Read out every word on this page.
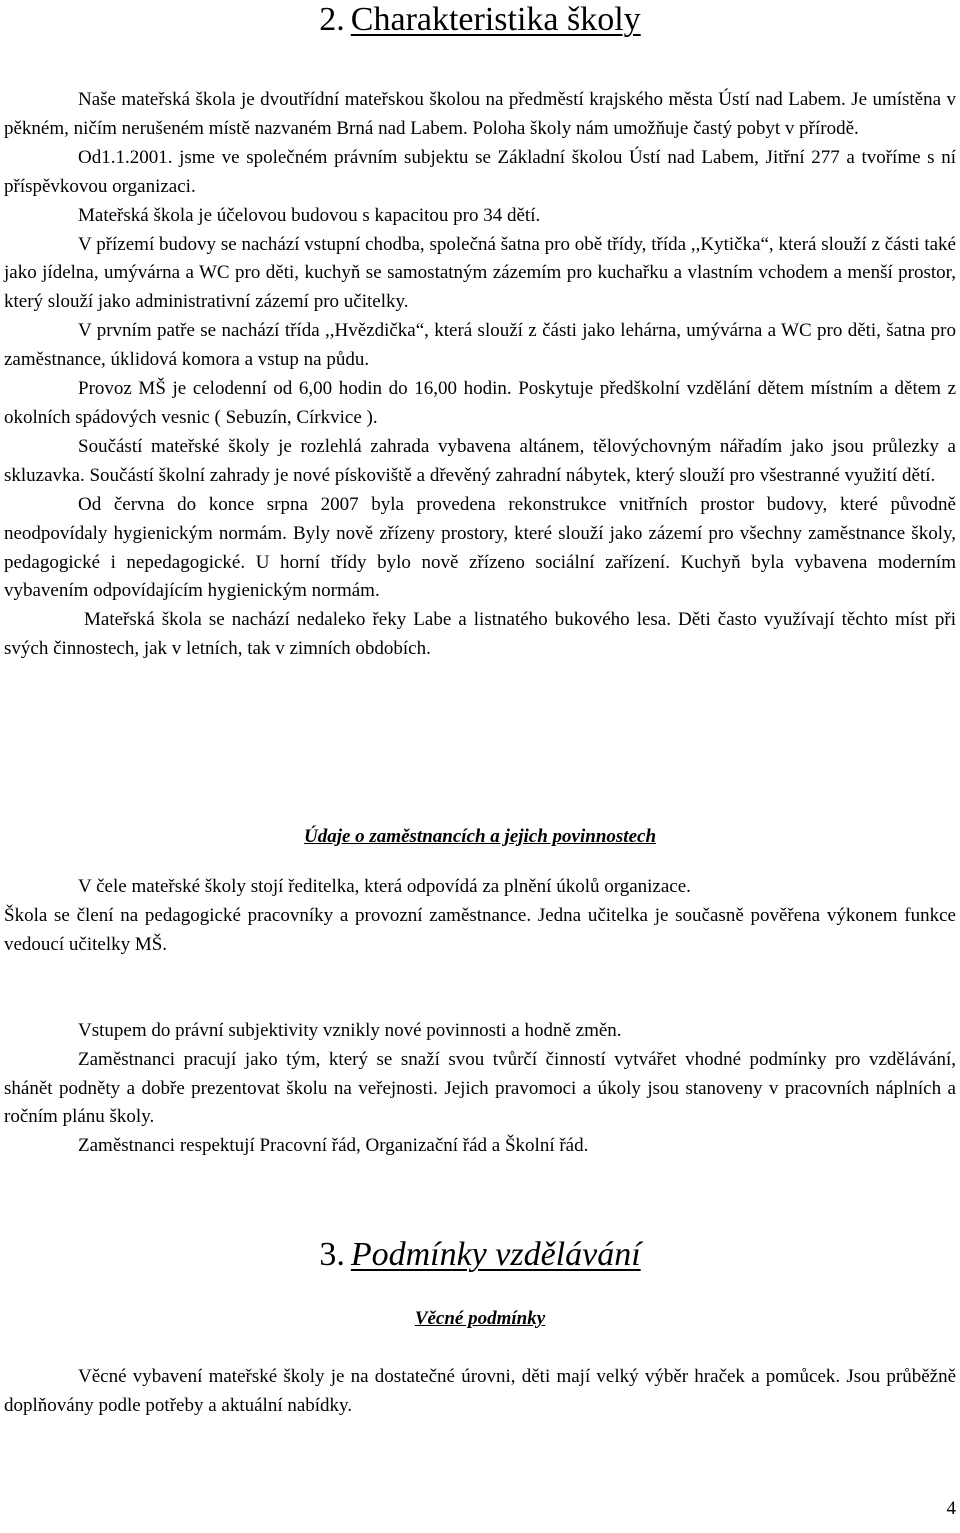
2. Charakteristika školy

Naše mateřská škola je dvoutřídní mateřskou školou na předměstí krajského města Ústí nad Labem. Je umístěna v pěkném, ničím nerušeném místě nazvaném Brná nad Labem. Poloha školy nám umožňuje častý pobyt v přírodě.

Od1.1.2001. jsme ve společném právním subjektu se Základní školou Ústí nad Labem, Jitřní 277 a tvoříme s ní příspěvkovou organizaci.

Mateřská škola je účelovou budovou s kapacitou pro 34 dětí.

V přízemí budovy se nachází vstupní chodba, společná šatna pro obě třídy, třída ,,Kytička“, která slouží z části také jako jídelna, umývárna a WC pro děti, kuchyň se samostatným zázemím pro kuchařku a vlastním vchodem a menší prostor, který slouží jako administrativní zázemí pro učitelky.

V prvním patře se nachází třída ,,Hvězdička“, která slouží z části jako lehárna, umývárna a WC pro děti, šatna pro zaměstnance, úklidová komora a vstup na půdu.

Provoz MŠ je celodenní od 6,00 hodin do 16,00 hodin. Poskytuje předškolní vzdělání dětem místním a dětem z okolních spádových vesnic ( Sebuzín, Církvice ).

Součástí mateřské školy je rozlehlá zahrada vybavena altánem, tělovýchovným nářadím jako jsou průlezky a skluzavka. Součástí školní zahrady je nové pískoviště a dřevěný zahradní nábytek, který slouží pro všestranné využití dětí.

Od června do konce srpna 2007 byla provedena rekonstrukce vnitřních prostor budovy, které původně neodpovídaly hygienickým normám. Byly nově zřízeny prostory, které slouží jako zázemí pro všechny zaměstnance školy, pedagogické i nepedagogické. U horní třídy bylo nově zřízeno sociální zařízení. Kuchyň byla vybavena moderním vybavením odpovídajícím hygienickým normám.

Mateřská škola se nachází nedaleko řeky Labe a listnatého bukového lesa. Děti často využívají těchto míst při svých činnostech, jak v letních, tak v zimních obdobích.

Údaje o zaměstnancích a jejich povinnostech

V čele mateřské školy stojí ředitelka, která odpovídá za plnění úkolů organizace.

Škola se člení na pedagogické pracovníky a provozní zaměstnance. Jedna učitelka je současně pověřena výkonem funkce vedoucí učitelky MŠ.

Vstupem do právní subjektivity vznikly nové povinnosti a hodně změn.

Zaměstnanci pracují jako tým, který se snaží svou tvůrčí činností vytvářet vhodné podmínky pro vzdělávání, shánět podněty a dobře prezentovat školu na veřejnosti. Jejich pravomoci a úkoly jsou stanoveny v pracovních náplních a ročním plánu školy.

Zaměstnanci respektují Pracovní řád, Organizační řád a Školní řád.

3. Podmínky vzdělávání
Věcné podmínky

Věcné vybavení mateřské školy je na dostatečné úrovni, děti mají velký výběr hraček a pomůcek. Jsou průběžně doplňovány podle potřeby a aktuální nabídky.

4
